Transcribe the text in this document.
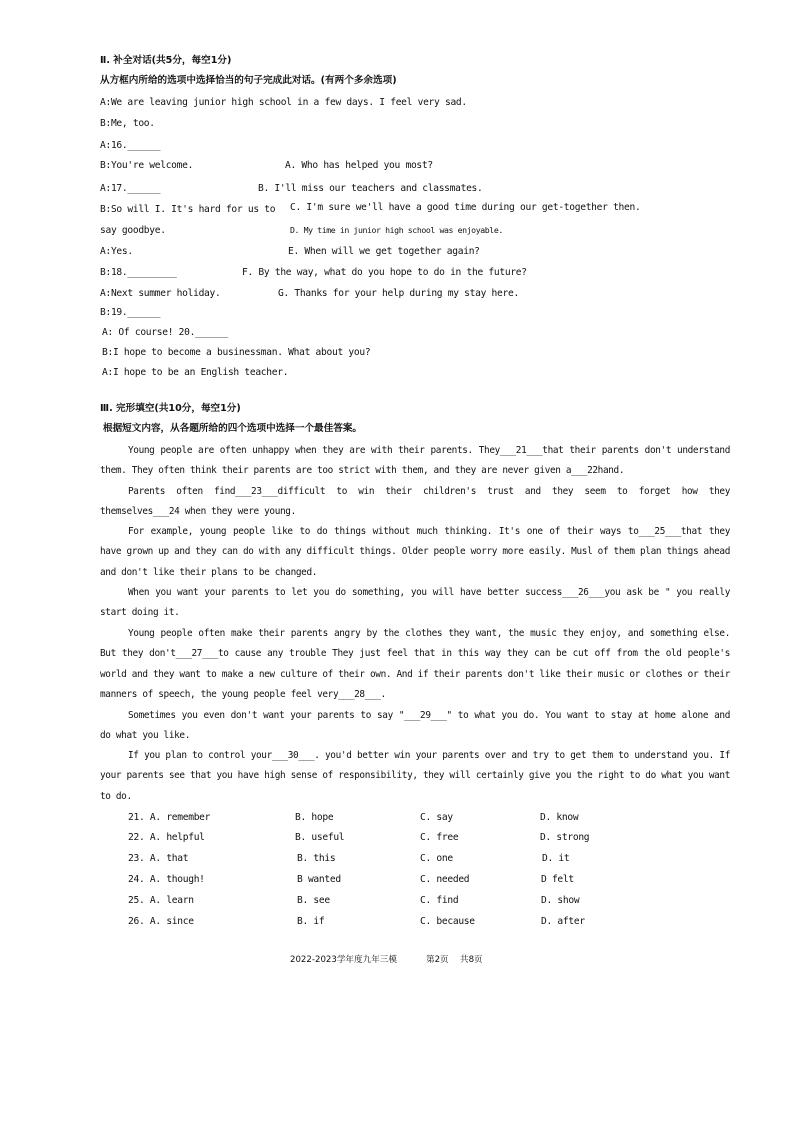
Ⅱ. 补全对话(共5分，每空1分)
从方框内所给的选项中选择恰当的句子完成此对话。(有两个多余选项)
A:We are leaving junior high school in a few days. I feel very sad.
B:Me, too.
A:16.______
B:You're welcome.
A:17.______
B:So will I. It's hard for us to
say goodbye.
A:Yes.
B:18._________
A:Next summer holiday.
B:19.______
A: Of course! 20.______
B:I hope to become a businessman. What about you?
A:I hope to be an English teacher.
A. Who has helped you most?
B. I'll miss our teachers and classmates.
C. I'm sure we'll have a good time during our get-together then.
D. My time in junior high school was enjoyable.
E. When will we get together again?
F. By the way, what do you hope to do in the future?
G. Thanks for your help during my stay here.
Ⅲ. 完形填空(共10分，每空1分)
根据短文内容，从各题所给的四个选项中选择一个最佳答案。
Young people are often unhappy when they are with their parents. They___21___that their parents don't understand them. They often think their parents are too strict with them, and they are never given a___22hand.
Parents often find___23___difficult to win their children's trust and they seem to forget how they themselves___24 when they were young.
For example, young people like to do things without much thinking. It's one of their ways to___25___that they have grown up and they can do with any difficult things. Older people worry more easily. Musl of them plan things ahead and don't like their plans to be changed.
When you want your parents to let you do something, you will have better success___26___you ask be " you really start doing it.
Young people often make their parents angry by the clothes they want, the music they enjoy, and something else. But they don't___27___to cause any trouble They just feel that in this way they can be cut off from the old people's world and they want to make a new culture of their own. And if their parents don't like their music or clothes or their manners of speech, the young people feel very___28___.
Sometimes you even don't want your parents to say "___29___" to what you do. You want to stay at home alone and do what you like.
If you plan to control your___30___. you'd better win your parents over and try to get them to understand you. If your parents see that you have high sense of responsibility, they will certainly give you the right to do what you want to do.
21. A. remember	B. hope	C. say	D. know
22. A. helpful	B. useful	C. free	D. strong
23. A. that	B. this	C. one	D. it
24. A. though!	B wanted	C. needed	D felt
25. A. learn	B. see	C. find	D. show
26. A. since	B. if	C. because	D. after
2022-2023学年度九年三模	第2页 共8页
